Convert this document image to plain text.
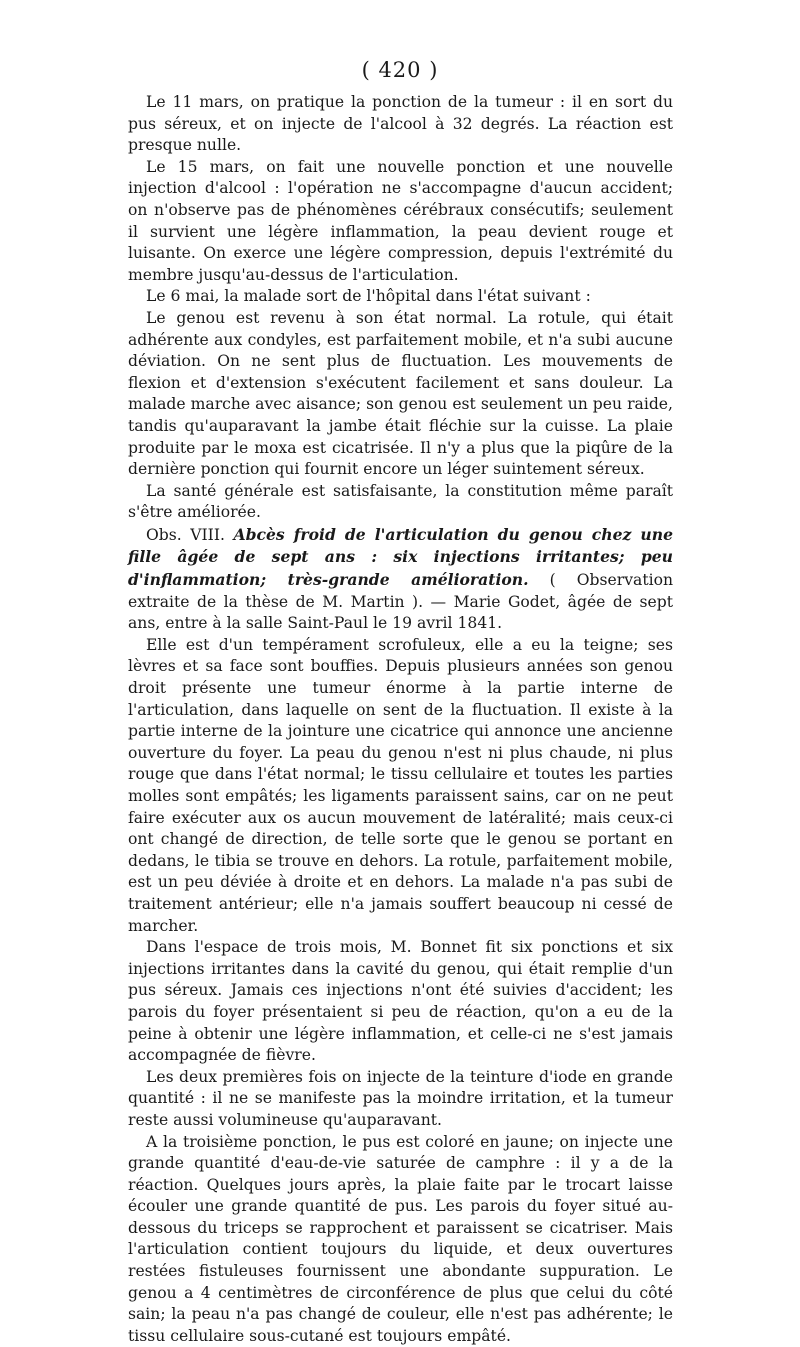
( 420 )

Le 11 mars, on pratique la ponction de la tumeur : il en sort du pus séreux, et on injecte de l'alcool à 32 degrés. La réaction est presque nulle.

Le 15 mars, on fait une nouvelle ponction et une nouvelle injection d'alcool : l'opération ne s'accompagne d'aucun accident; on n'observe pas de phénomènes cérébraux consécutifs; seulement il survient une légère inflammation, la peau devient rouge et luisante. On exerce une légère compression, depuis l'extrémité du membre jusqu'au-dessus de l'articulation.

Le 6 mai, la malade sort de l'hôpital dans l'état suivant :

Le genou est revenu à son état normal. La rotule, qui était adhérente aux condyles, est parfaitement mobile, et n'a subi aucune déviation. On ne sent plus de fluctuation. Les mouvements de flexion et d'extension s'exécutent facilement et sans douleur. La malade marche avec aisance; son genou est seulement un peu raide, tandis qu'auparavant la jambe était fléchie sur la cuisse. La plaie produite par le moxa est cicatrisée. Il n'y a plus que la piqûre de la dernière ponction qui fournit encore un léger suintement séreux.

La santé générale est satisfaisante, la constitution même paraît s'être améliorée.

Obs. VIII. Abcès froid de l'articulation du genou chez une fille âgée de sept ans : six injections irritantes; peu d'inflammation; très-grande amélioration. ( Observation extraite de la thèse de M. Martin ). — Marie Godet, âgée de sept ans, entre à la salle Saint-Paul le 19 avril 1841.

Elle est d'un tempérament scrofuleux, elle a eu la teigne; ses lèvres et sa face sont bouffies. Depuis plusieurs années son genou droit présente une tumeur énorme à la partie interne de l'articulation, dans laquelle on sent de la fluctuation. Il existe à la partie interne de la jointure une cicatrice qui annonce une ancienne ouverture du foyer. La peau du genou n'est ni plus chaude, ni plus rouge que dans l'état normal; le tissu cellulaire et toutes les parties molles sont empâtés; les ligaments paraissent sains, car on ne peut faire exécuter aux os aucun mouvement de latéralité; mais ceux-ci ont changé de direction, de telle sorte que le genou se portant en dedans, le tibia se trouve en dehors. La rotule, parfaitement mobile, est un peu déviée à droite et en dehors. La malade n'a pas subi de traitement antérieur; elle n'a jamais souffert beaucoup ni cessé de marcher.

Dans l'espace de trois mois, M. Bonnet fit six ponctions et six injections irritantes dans la cavité du genou, qui était remplie d'un pus séreux. Jamais ces injections n'ont été suivies d'accident; les parois du foyer présentaient si peu de réaction, qu'on a eu de la peine à obtenir une légère inflammation, et celle-ci ne s'est jamais accompagnée de fièvre.

Les deux premières fois on injecte de la teinture d'iode en grande quantité : il ne se manifeste pas la moindre irritation, et la tumeur reste aussi volumineuse qu'auparavant.

A la troisième ponction, le pus est coloré en jaune; on injecte une grande quantité d'eau-de-vie saturée de camphre : il y a de la réaction. Quelques jours après, la plaie faite par le trocart laisse écouler une grande quantité de pus. Les parois du foyer situé au-dessous du triceps se rapprochent et paraissent se cicatriser. Mais l'articulation contient toujours du liquide, et deux ouvertures restées fistuleuses fournissent une abondante suppuration. Le genou a 4 centimètres de circonférence de plus que celui du côté sain; la peau n'a pas changé de couleur, elle n'est pas adhérente; le tissu cellulaire sous-cutané est toujours empâté.
